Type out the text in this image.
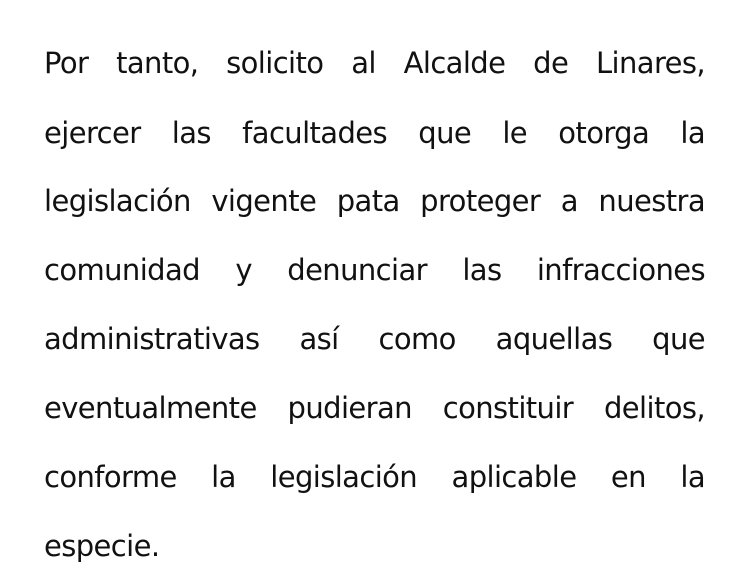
Por tanto, solicito al Alcalde de Linares,
ejercer las facultades que le otorga la
legislación vigente pata proteger a nuestra
comunidad y denunciar las infracciones
administrativas así como aquellas que
eventualmente pudieran constituir delitos,
conforme la legislación aplicable en la
especie.
